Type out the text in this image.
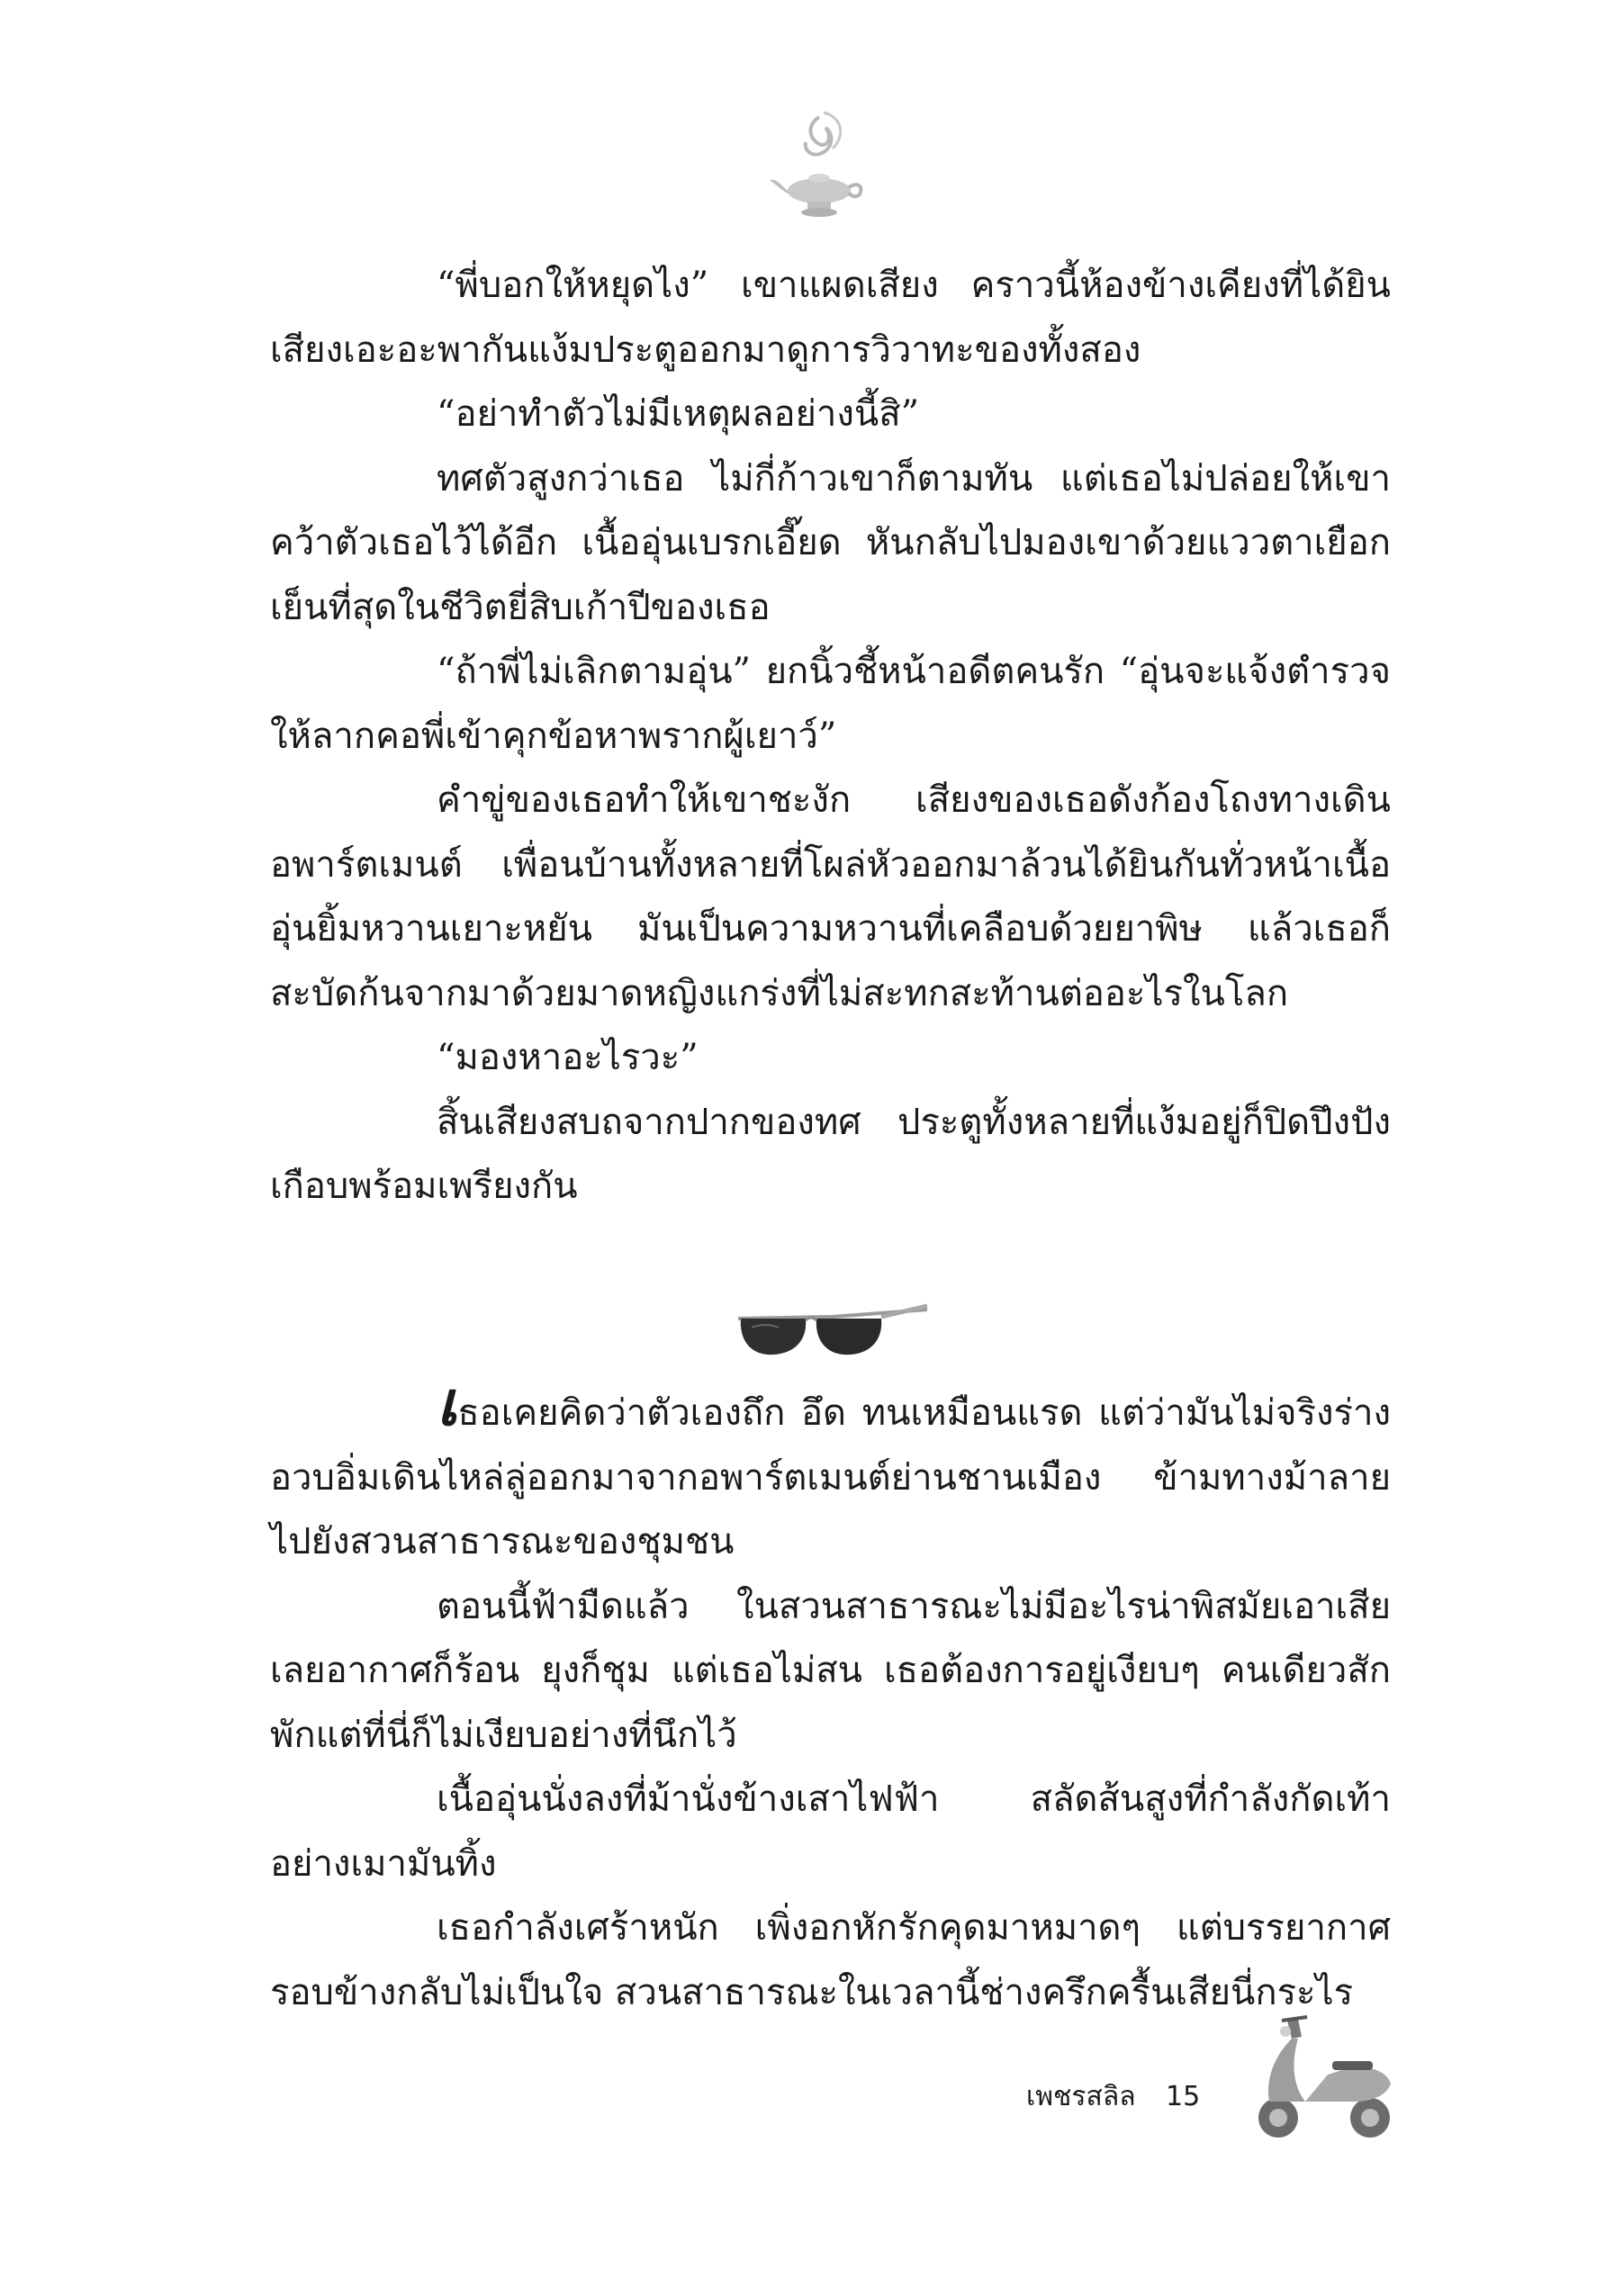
“พี่บอกให้หยุดไง” เขาแผดเสียง คราวนี้ห้องข้างเคียงที่ได้ยินเสียงเอะอะพากันแง้มประตูออกมาดูการวิวาทะของทั้งสอง

“อย่าทำตัวไม่มีเหตุผลอย่างนี้สิ”

ทศตัวสูงกว่าเธอ ไม่กี่ก้าวเขาก็ตามทัน แต่เธอไม่ปล่อยให้เขาคว้าตัวเธอไว้ได้อีก เนื้ออุ่นเบรกเอี๊ยด หันกลับไปมองเขาด้วยแววตาเยือกเย็นที่สุดในชีวิตยี่สิบเก้าปีของเธอ

“ถ้าพี่ไม่เลิกตามอุ่น” ยกนิ้วชี้หน้าอดีตคนรัก “อุ่นจะแจ้งตำรวจให้ลากคอพี่เข้าคุกข้อหาพรากผู้เยาว์”

คำขู่ของเธอทำให้เขาชะงัก เสียงของเธอดังก้องโถงทางเดินอพาร์ตเมนต์ เพื่อนบ้านทั้งหลายที่โผล่หัวออกมาล้วนได้ยินกันทั่วหน้าเนื้ออุ่นยิ้มหวานเยาะหยัน มันเป็นความหวานที่เคลือบด้วยยาพิษ แล้วเธอก็สะบัดก้นจากมาด้วยมาดหญิงแกร่งที่ไม่สะทกสะท้านต่ออะไรในโลก

“มองหาอะไรวะ”

สิ้นเสียงสบถจากปากของทศ ประตูทั้งหลายที่แง้มอยู่ก็ปิดปึงปังเกือบพร้อมเพรียงกัน

เธอเคยคิดว่าตัวเองถึก อึด ทนเหมือนแรด แต่ว่ามันไม่จริงร่างอวบอิ่มเดินไหล่ลู่ออกมาจากอพาร์ตเมนต์ย่านชานเมือง ข้ามทางม้าลายไปยังสวนสาธารณะของชุมชน

ตอนนี้ฟ้ามืดแล้ว ในสวนสาธารณะไม่มีอะไรน่าพิสมัยเอาเสียเลยอากาศก็ร้อน ยุงก็ชุม แต่เธอไม่สน เธอต้องการอยู่เงียบๆ คนเดียวสักพักแต่ที่นี่ก็ไม่เงียบอย่างที่นึกไว้

เนื้ออุ่นนั่งลงที่ม้านั่งข้างเสาไฟฟ้า สลัดส้นสูงที่กำลังกัดเท้าอย่างเมามันทิ้ง

เธอกำลังเศร้าหนัก เพิ่งอกหักรักคุดมาหมาดๆ แต่บรรยากาศรอบข้างกลับไม่เป็นใจ สวนสาธารณะในเวลานี้ช่างครึกครื้นเสียนี่กระไร

เพชรสลิล 15
